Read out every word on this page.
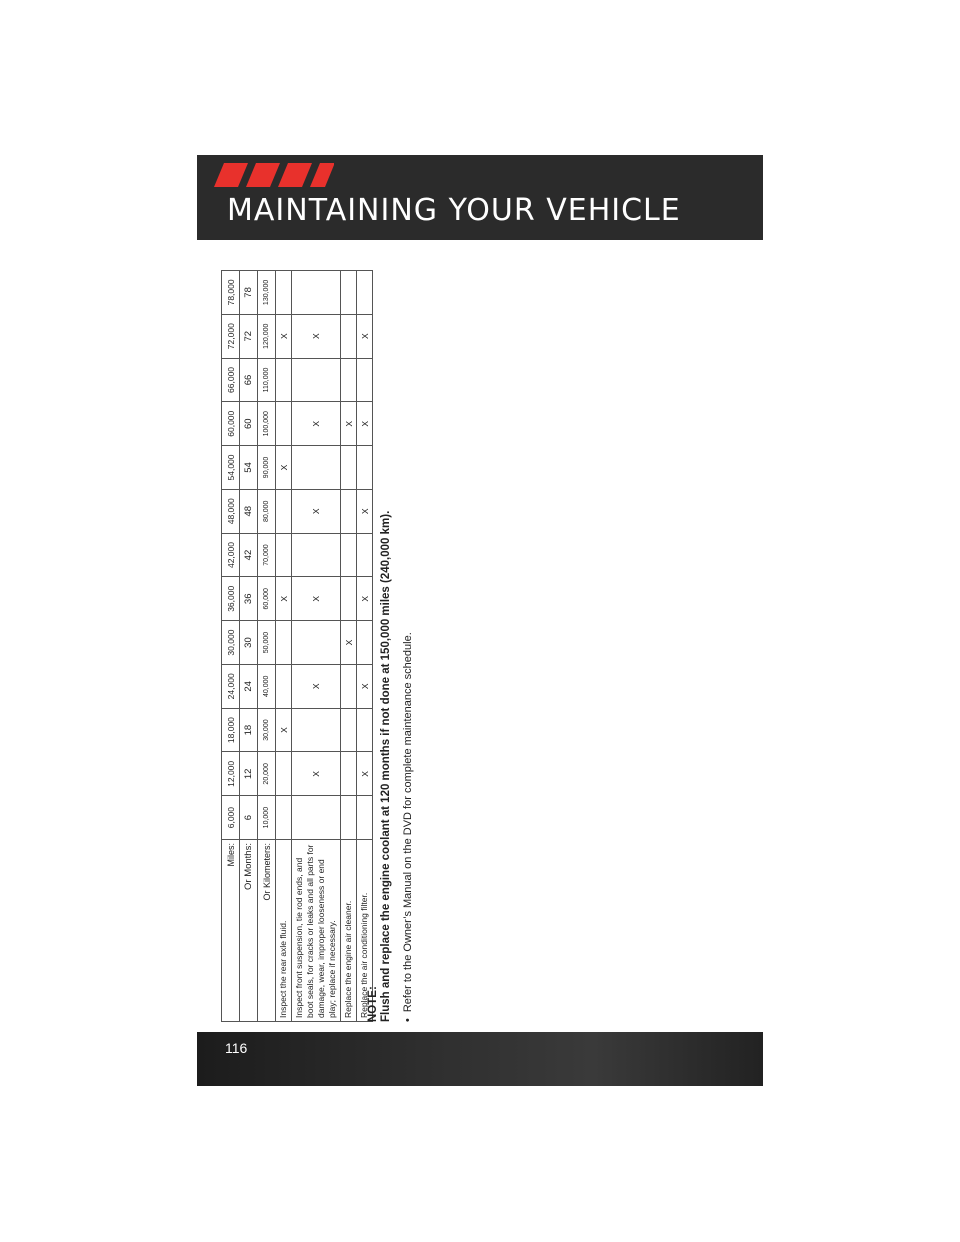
MAINTAINING YOUR VEHICLE
Miles:	6,000	12,000	18,000	24,000	30,000	36,000	42,000	48,000	54,000	60,000	66,000	72,000	78,000
Or Months:	6	12	18	24	30	36	42	48	54	60	66	72	78
Or Kilometers:	10,000	20,000	30,000	40,000	50,000	60,000	70,000	80,000	90,000	100,000	110,000	120,000	130,000
Inspect the rear axle fluid.			X			X			X			X	
Inspect front suspension, tie rod ends, and boot seals, for cracks or leaks and all parts for damage, wear, improper looseness or end play; replace if necessary.		X		X		X		X		X		X	
Replace the engine air cleaner.					X					X			
Replace the air conditioning filter.		X		X		X		X		X		X	
NOTE: Flush and replace the engine coolant at 120 months if not done at 150,000 miles (240,000 km). •Refer to the Owner’s Manual on the DVD for complete maintenance schedule.
116
